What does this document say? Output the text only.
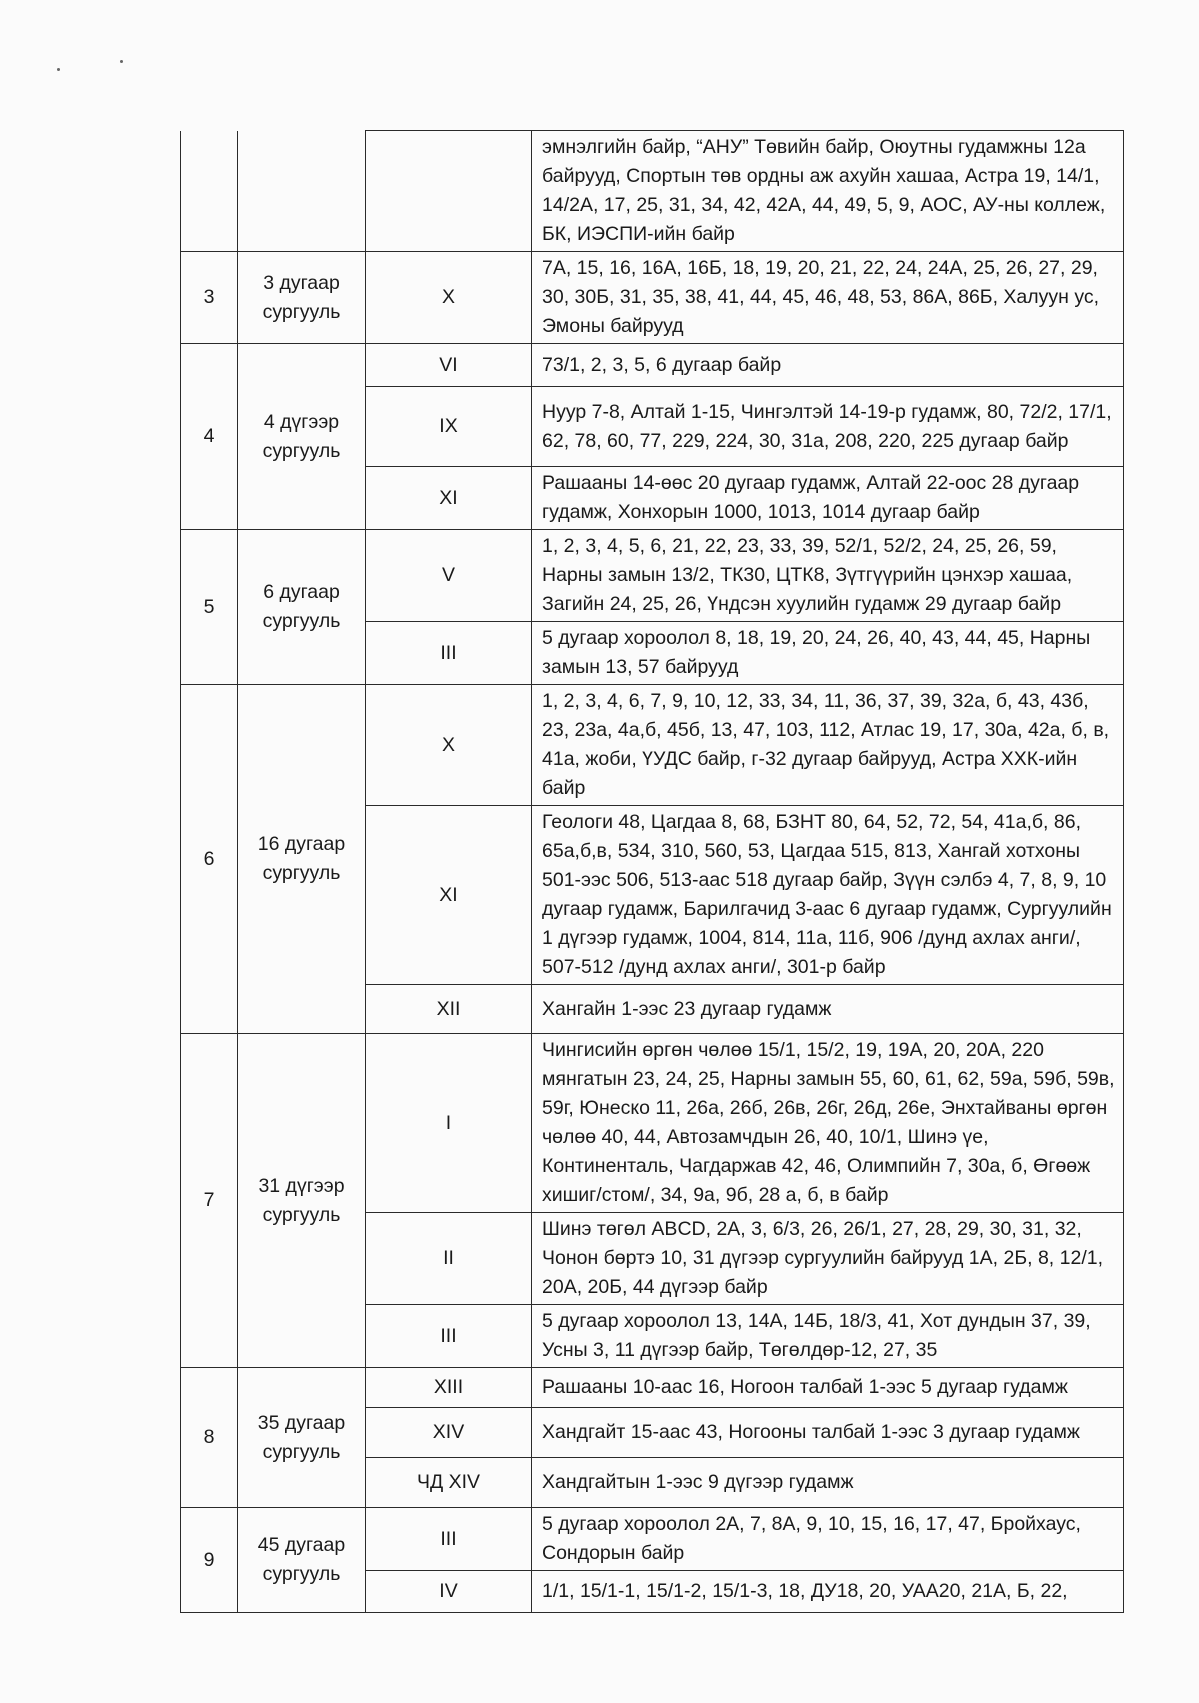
			эмнэлгийн байр, “АНУ” Төвийн байр, Оюутны гудамжны 12а байрууд, Спортын төв ордны аж ахуйн хашаа, Астра 19, 14/1, 14/2А, 17, 25, 31, 34, 42, 42А, 44, 49, 5, 9, АОС, АУ-ны коллеж, БК, ИЭСПИ-ийн байр
3	3 дугаар сургууль	X	7А, 15, 16, 16А, 16Б, 18, 19, 20, 21, 22, 24, 24А, 25, 26, 27, 29, 30, 30Б, 31, 35, 38, 41, 44, 45, 46, 48, 53, 86А, 86Б, Халуун ус, Эмоны байрууд
4	4 дүгээр сургууль	VI	73/1, 2, 3, 5, 6 дугаар байр
		IX	Нуур 7-8, Алтай 1-15, Чингэлтэй 14-19-р гудамж, 80, 72/2, 17/1, 62, 78, 60, 77, 229, 224, 30, 31а, 208, 220, 225 дугаар байр
		XI	Рашааны 14-өөс 20 дугаар гудамж, Алтай 22-оос 28 дугаар гудамж, Хонхорын 1000, 1013, 1014 дугаар байр
5	6 дугаар сургууль	V	1, 2, 3, 4, 5, 6, 21, 22, 23, 33, 39, 52/1, 52/2, 24, 25, 26, 59, Нарны замын 13/2, ТК30, ЦТК8, Зүтгүүрийн цэнхэр хашаа, Загийн 24, 25, 26, Үндсэн хуулийн гудамж 29 дугаар байр
		III	5 дугаар хороолол 8, 18, 19, 20, 24, 26, 40, 43, 44, 45, Нарны замын 13, 57 байрууд
6	16 дугаар сургууль	X	1, 2, 3, 4, 6, 7, 9, 10, 12, 33, 34, 11, 36, 37, 39, 32а, б, 43, 43б, 23, 23а, 4а,б, 45б, 13, 47, 103, 112, Атлас 19, 17, 30а, 42а, б, в, 41а, жоби, ҮУДС байр, г-32 дугаар байрууд, Астра ХХК-ийн байр
		XI	Геологи 48, Цагдаа 8, 68, БЗНТ 80, 64, 52, 72, 54, 41а,б, 86, 65а,б,в, 534, 310, 560, 53, Цагдаа 515, 813, Хангай хотхоны 501-ээс 506, 513-аас 518 дугаар байр, Зүүн сэлбэ 4, 7, 8, 9, 10 дугаар гудамж, Барилгачид 3-аас 6 дугаар гудамж, Сургуулийн 1 дүгээр гудамж, 1004, 814, 11а, 11б, 906 /дунд ахлах анги/, 507-512 /дунд ахлах анги/, 301-р байр
		XII	Хангайн 1-ээс 23 дугаар гудамж
7	31 дүгээр сургууль	I	Чингисийн өргөн чөлөө 15/1, 15/2, 19, 19А, 20, 20А, 220 мянгатын 23, 24, 25, Нарны замын 55, 60, 61, 62, 59а, 59б, 59в, 59г, Юнеско 11, 26а, 26б, 26в, 26г, 26д, 26е, Энхтайваны өргөн чөлөө 40, 44, Автозамчдын 26, 40, 10/1, Шинэ үе, Континенталь, Чагдаржав 42, 46, Олимпийн 7, 30а, б, Өгөөж хишиг/стом/, 34, 9а, 9б, 28 а, б, в байр
		II	Шинэ төгөл ABCD, 2А, 3, 6/3, 26, 26/1, 27, 28, 29, 30, 31, 32, Чонон бөртэ 10, 31 дүгээр сургуулийн байрууд 1А, 2Б, 8, 12/1, 20А, 20Б, 44 дүгээр байр
		III	5 дугаар хороолол 13, 14А, 14Б, 18/3, 41, Хот дундын 37, 39, Усны 3, 11 дүгээр байр, Төгөлдөр-12, 27, 35
8	35 дугаар сургууль	XIII	Рашааны 10-аас 16, Ногоон талбай 1-ээс 5 дугаар гудамж
		XIV	Хандгайт 15-аас 43, Ногооны талбай 1-ээс 3 дугаар гудамж
		ЧД XIV	Хандгайтын 1-ээс 9 дүгээр гудамж
9	45 дугаар сургууль	III	5 дугаар хороолол 2А, 7, 8А, 9, 10, 15, 16, 17, 47, Бройхаус, Сондорын байр
		IV	1/1, 15/1-1, 15/1-2, 15/1-3, 18, ДУ18, 20, УАА20, 21А, Б, 22,
